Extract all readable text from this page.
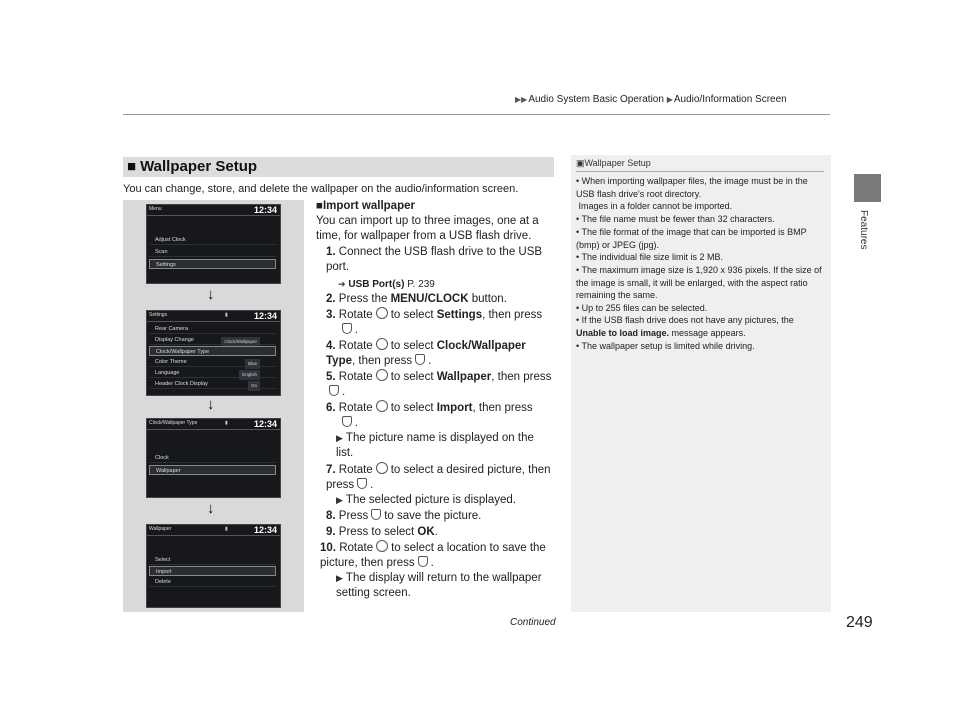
▶▶Audio System Basic Operation ▶Audio/Information Screen
Features
■ Wallpaper Setup
You can change, store, and delete the wallpaper on the audio/information screen.
Menu	12:34
Adjust Clock
Scan
Settings
↓
Settings	▮	12:34
Rear Camera
Display Change	Clock/Wallpaper
Clock/Wallpaper Type
Color Theme	Blue
Language	English
Header Clock Display	On
↓
Clock/Wallpaper Type	▮	12:34
Clock
Wallpaper
↓
Wallpaper	▮	12:34
Select
Import
Delete
■Import wallpaper
You can import up to three images, one at a time, for wallpaper from a USB flash drive.
1. Connect the USB flash drive to the USB port.
➔ USB Port(s) P. 239
2. Press the MENU/CLOCK button.
3. Rotate to select Settings, then press
.
4. Rotate to select Clock/Wallpaper Type, then press .
5. Rotate to select Wallpaper, then press.
6. Rotate to select Import, then press
.
▶ The picture name is displayed on the list.
7. Rotate to select a desired picture, then press .
▶ The selected picture is displayed.
8. Press to save the picture.
9. Press to select OK.
10. Rotate to select a location to save the picture, then press .
▶ The display will return to the wallpaper setting screen.
▣Wallpaper Setup
• When importing wallpaper files, the image must be in the USB flash drive's root directory.
Images in a folder cannot be imported.
• The file name must be fewer than 32 characters.
• The file format of the image that can be imported is BMP (bmp) or JPEG (jpg).
• The individual file size limit is 2 MB.
• The maximum image size is 1,920 x 936 pixels. If the size of the image is small, it will be enlarged, with the aspect ratio remaining the same.
• Up to 255 files can be selected.
• If the USB flash drive does not have any pictures, the Unable to load image. message appears.
• The wallpaper setup is limited while driving.
Continued	249
